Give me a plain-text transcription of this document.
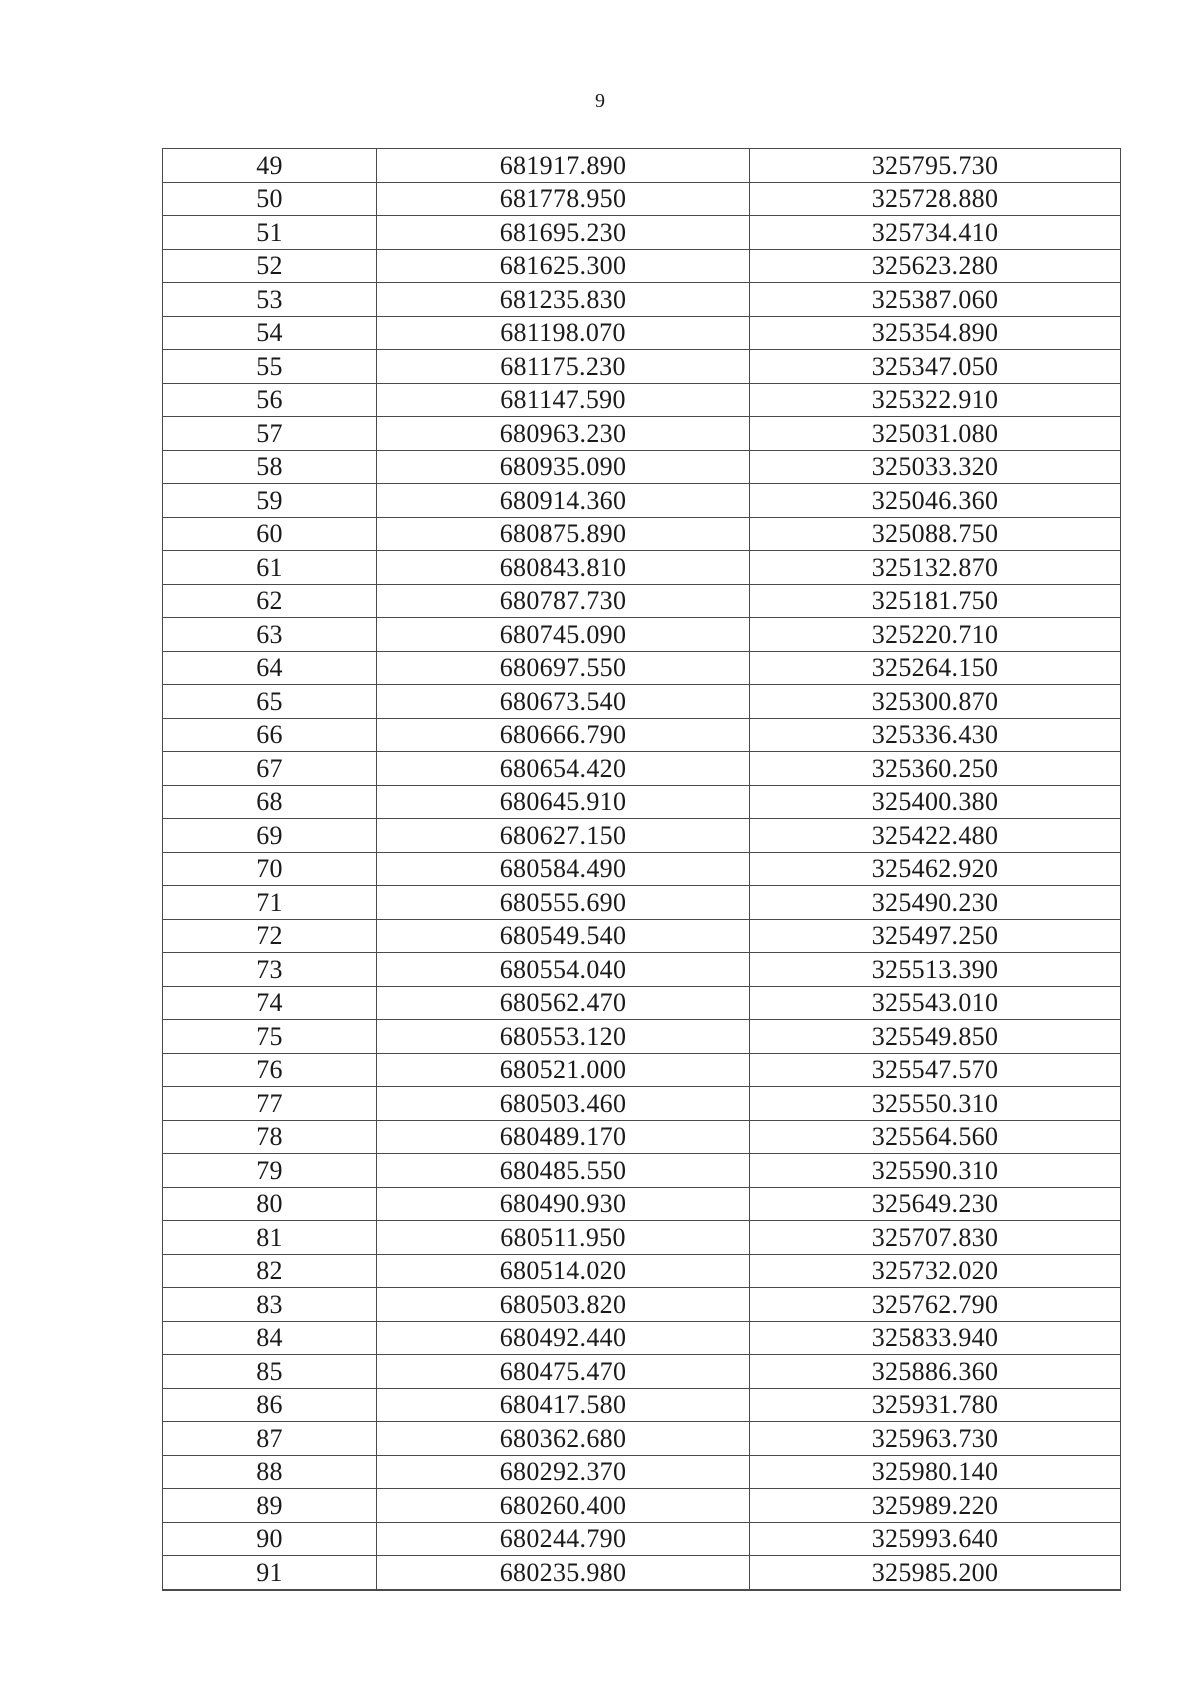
9
49	681917.890	325795.730
50	681778.950	325728.880
51	681695.230	325734.410
52	681625.300	325623.280
53	681235.830	325387.060
54	681198.070	325354.890
55	681175.230	325347.050
56	681147.590	325322.910
57	680963.230	325031.080
58	680935.090	325033.320
59	680914.360	325046.360
60	680875.890	325088.750
61	680843.810	325132.870
62	680787.730	325181.750
63	680745.090	325220.710
64	680697.550	325264.150
65	680673.540	325300.870
66	680666.790	325336.430
67	680654.420	325360.250
68	680645.910	325400.380
69	680627.150	325422.480
70	680584.490	325462.920
71	680555.690	325490.230
72	680549.540	325497.250
73	680554.040	325513.390
74	680562.470	325543.010
75	680553.120	325549.850
76	680521.000	325547.570
77	680503.460	325550.310
78	680489.170	325564.560
79	680485.550	325590.310
80	680490.930	325649.230
81	680511.950	325707.830
82	680514.020	325732.020
83	680503.820	325762.790
84	680492.440	325833.940
85	680475.470	325886.360
86	680417.580	325931.780
87	680362.680	325963.730
88	680292.370	325980.140
89	680260.400	325989.220
90	680244.790	325993.640
91	680235.980	325985.200
